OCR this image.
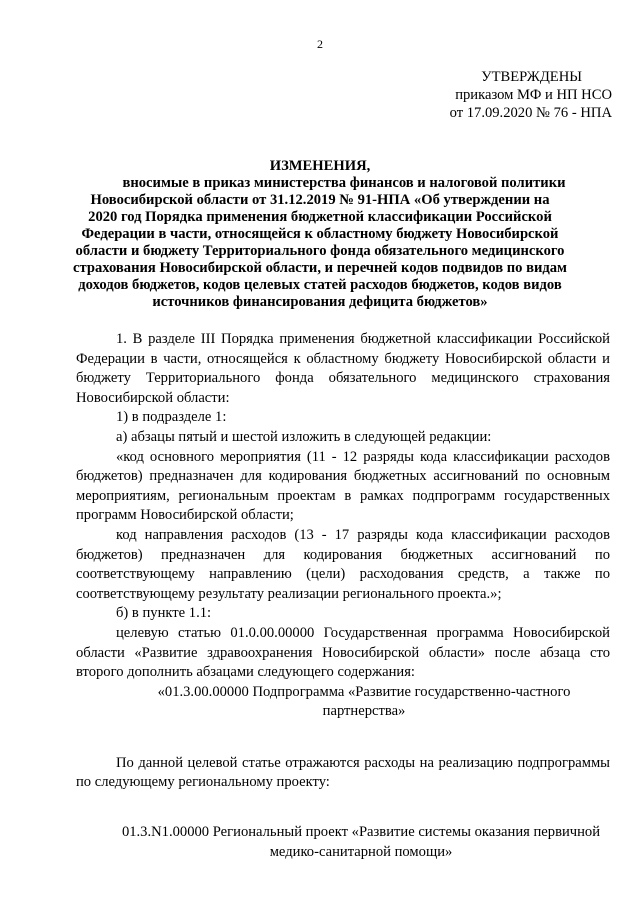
2
УТВЕРЖДЕНЫ
приказом МФ и НП НСО
от 17.09.2020 № 76 - НПА
ИЗМЕНЕНИЯ,
вносимые в приказ министерства финансов и налоговой политики
Новосибирской области от 31.12.2019 № 91-НПА «Об утверждении на
2020 год Порядка применения бюджетной классификации Российской
Федерации в части, относящейся к областному бюджету Новосибирской
области и бюджету Территориального фонда обязательного медицинского
страхования Новосибирской области, и перечней кодов подвидов по видам
доходов бюджетов, кодов целевых статей расходов бюджетов, кодов видов
источников финансирования дефицита бюджетов»

1. В разделе III Порядка применения бюджетной классификации Российской Федерации в части, относящейся к областному бюджету Новосибирской области и бюджету Территориального фонда обязательного медицинского страхования Новосибирской области:

1) в подразделе 1:

а) абзацы пятый и шестой изложить в следующей редакции:

«код основного мероприятия (11 - 12 разряды кода классификации расходов бюджетов) предназначен для кодирования бюджетных ассигнований по основным мероприятиям, региональным проектам в рамках подпрограмм государственных программ Новосибирской области;

код направления расходов (13 - 17 разряды кода классификации расходов бюджетов) предназначен для кодирования бюджетных ассигнований по соответствующему направлению (цели) расходования средств, а также по соответствующему результату реализации регионального проекта.»;

б) в пункте 1.1:

целевую статью 01.0.00.00000 Государственная программа Новосибирской области «Развитие здравоохранения Новосибирской области» после абзаца сто второго дополнить абзацами следующего содержания:

«01.3.00.00000 Подпрограмма «Развитие государственно-частного партнерства»

По данной целевой статье отражаются расходы на реализацию подпрограммы по следующему региональному проекту:

01.3.N1.00000 Региональный проект «Развитие системы оказания первичной медико-санитарной помощи»
